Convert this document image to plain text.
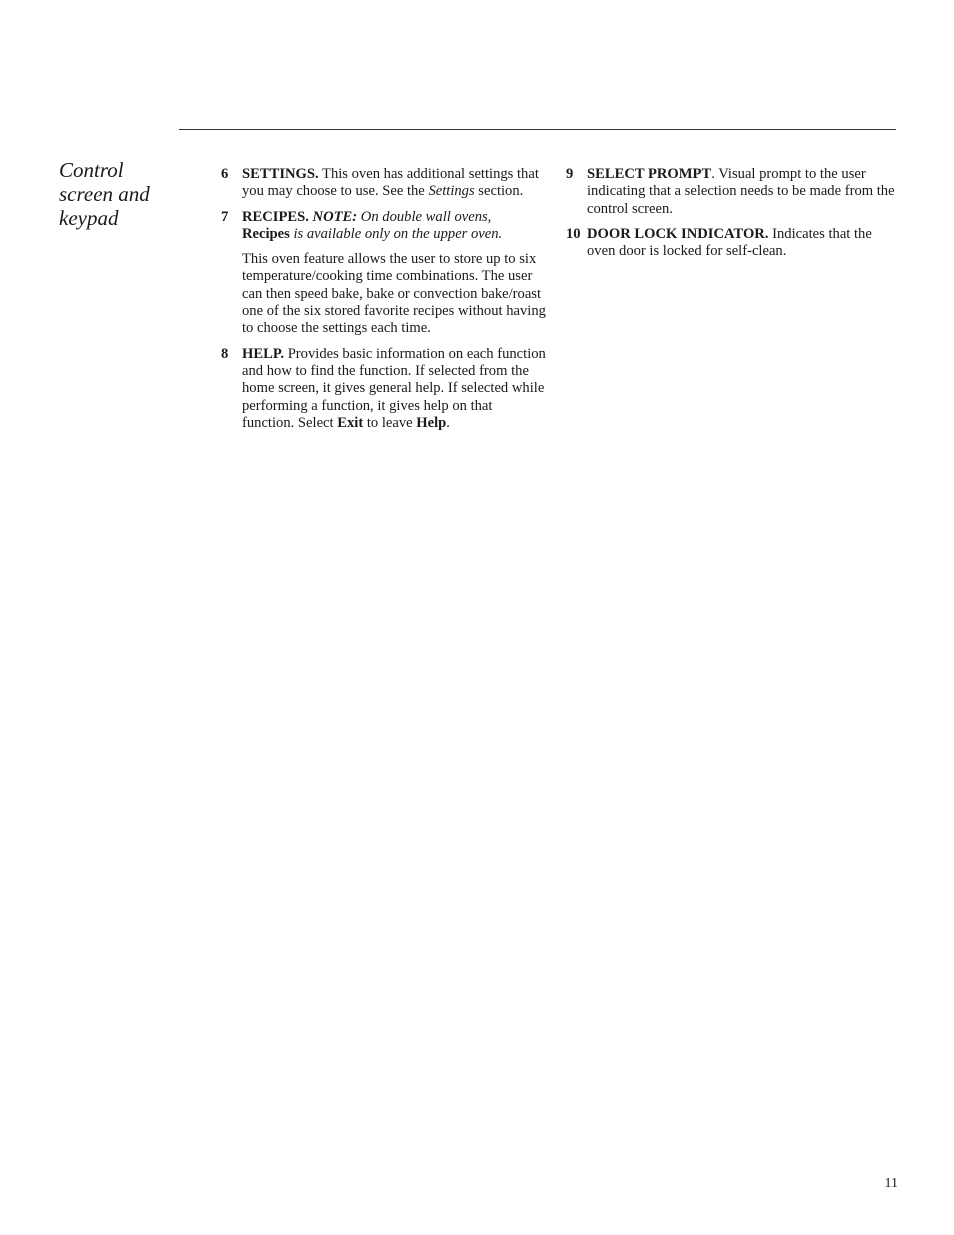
Control
screen and
keypad
6 SETTINGS. This oven has additional settings that you may choose to use. See the Settings section.

7 RECIPES. NOTE: On double wall ovens,
Recipes is available only on the upper oven.

This oven feature allows the user to store up to six temperature/cooking time combinations. The user can then speed bake, bake or convection bake/roast one of the six stored favorite recipes without having to choose the settings each time.

8 HELP. Provides basic information on each function and how to find the function. If selected from the home screen, it gives general help. If selected while performing a function, it gives help on that function. Select Exit to leave Help.

9 SELECT PROMPT. Visual prompt to the user indicating that a selection needs to be made from the control screen.

10 DOOR LOCK INDICATOR. Indicates that the oven door is locked for self-clean.

11
